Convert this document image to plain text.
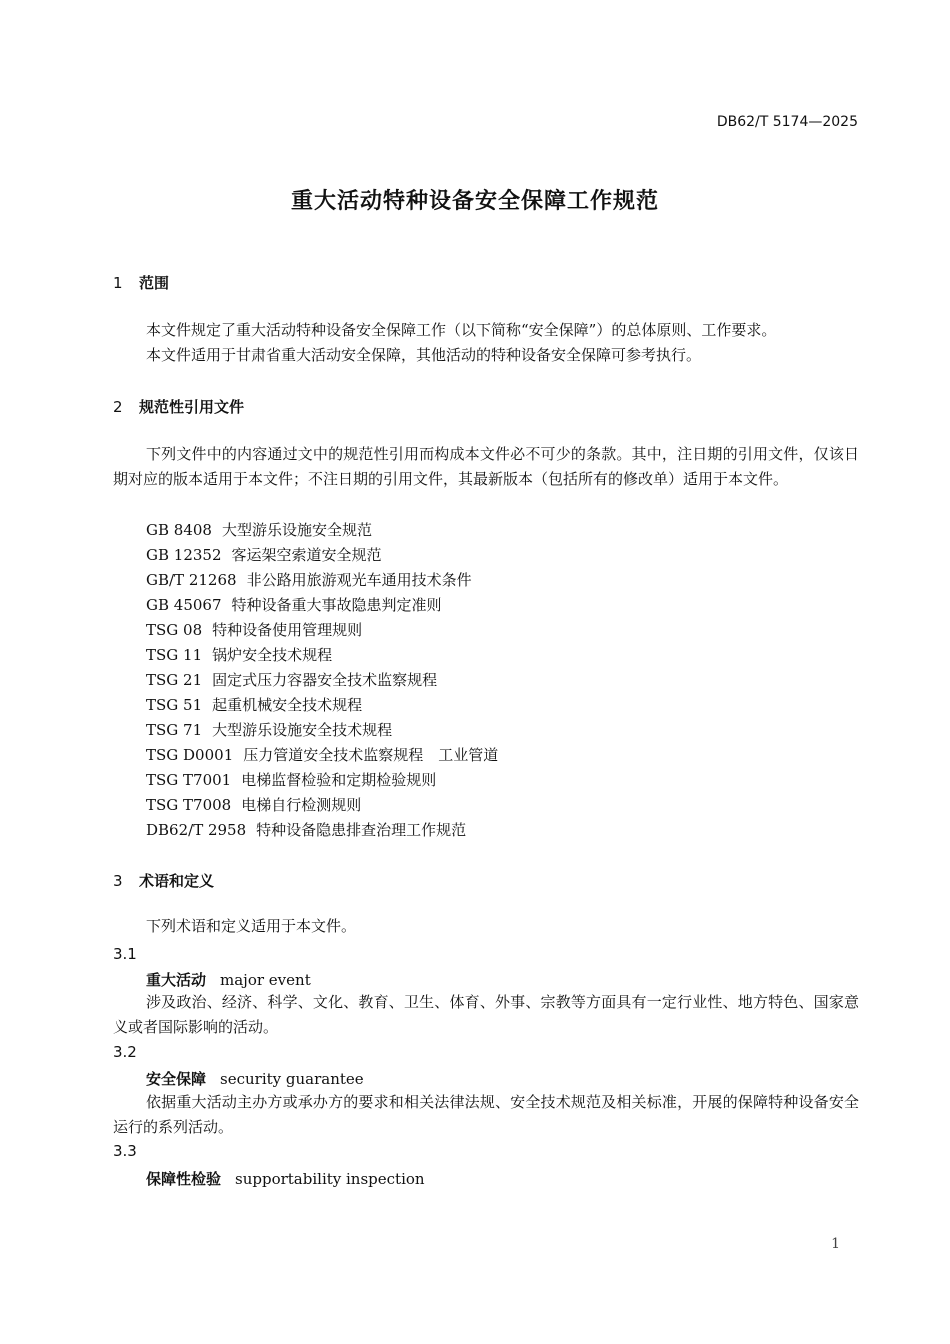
DB62/T 5174—2025
重大活动特种设备安全保障工作规范
1 范围
本文件规定了重大活动特种设备安全保障工作（以下简称“安全保障”）的总体原则、工作要求。
本文件适用于甘肃省重大活动安全保障，其他活动的特种设备安全保障可参考执行。
2 规范性引用文件
下列文件中的内容通过文中的规范性引用而构成本文件必不可少的条款。其中，注日期的引用文件，仅该日期对应的版本适用于本文件；不注日期的引用文件，其最新版本（包括所有的修改单）适用于本文件。
GB 8408 大型游乐设施安全规范
GB 12352 客运架空索道安全规范
GB/T 21268 非公路用旅游观光车通用技术条件
GB 45067 特种设备重大事故隐患判定准则
TSG 08 特种设备使用管理规则
TSG 11 锅炉安全技术规程
TSG 21 固定式压力容器安全技术监察规程
TSG 51 起重机械安全技术规程
TSG 71 大型游乐设施安全技术规程
TSG D0001 压力管道安全技术监察规程　工业管道
TSG T7001 电梯监督检验和定期检验规则
TSG T7008 电梯自行检测规则
DB62/T 2958 特种设备隐患排查治理工作规范
3 术语和定义
下列术语和定义适用于本文件。
3.1
重大活动 major event
涉及政治、经济、科学、文化、教育、卫生、体育、外事、宗教等方面具有一定行业性、地方特色、国家意义或者国际影响的活动。
3.2
安全保障 security guarantee
依据重大活动主办方或承办方的要求和相关法律法规、安全技术规范及相关标准，开展的保障特种设备安全运行的系列活动。
3.3
保障性检验 supportability inspection
1
